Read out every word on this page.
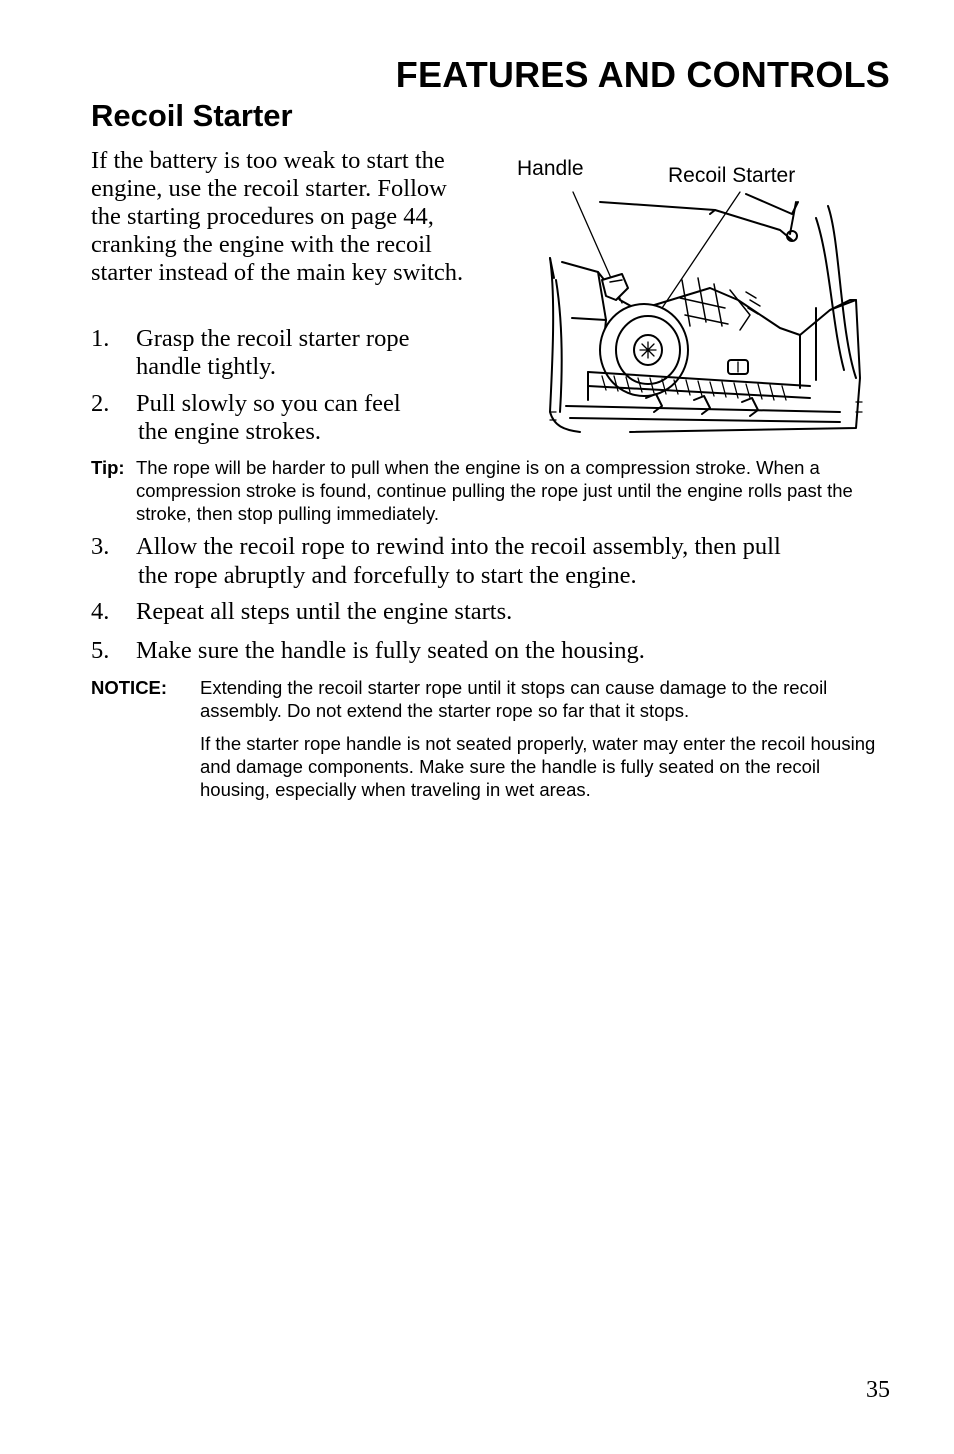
FEATURES AND CONTROLS
Recoil Starter

If the battery is too weak to start the engine, use the recoil starter. Follow the starting procedures on page 44, cranking the engine with the recoil starter instead of the main key switch.

Handle	Recoil Starter
1. Grasp the recoil starter rope
handle tightly.
2. Pull slowly so you can feel
the engine strokes.
Tip: The rope will be harder to pull when the engine is on a compression stroke. When a compression stroke is found, continue pulling the rope just until the engine rolls past the stroke, then stop pulling immediately.
3. Allow the recoil rope to rewind into the recoil assembly, then pull
the rope abruptly and forcefully to start the engine.
4. Repeat all steps until the engine starts.
5. Make sure the handle is fully seated on the housing.
NOTICE: Extending the recoil starter rope until it stops can cause damage to the recoil assembly. Do not extend the starter rope so far that it stops.
If the starter rope handle is not seated properly, water may enter the recoil housing and damage components. Make sure the handle is fully seated on the recoil housing, especially when traveling in wet areas.
35
